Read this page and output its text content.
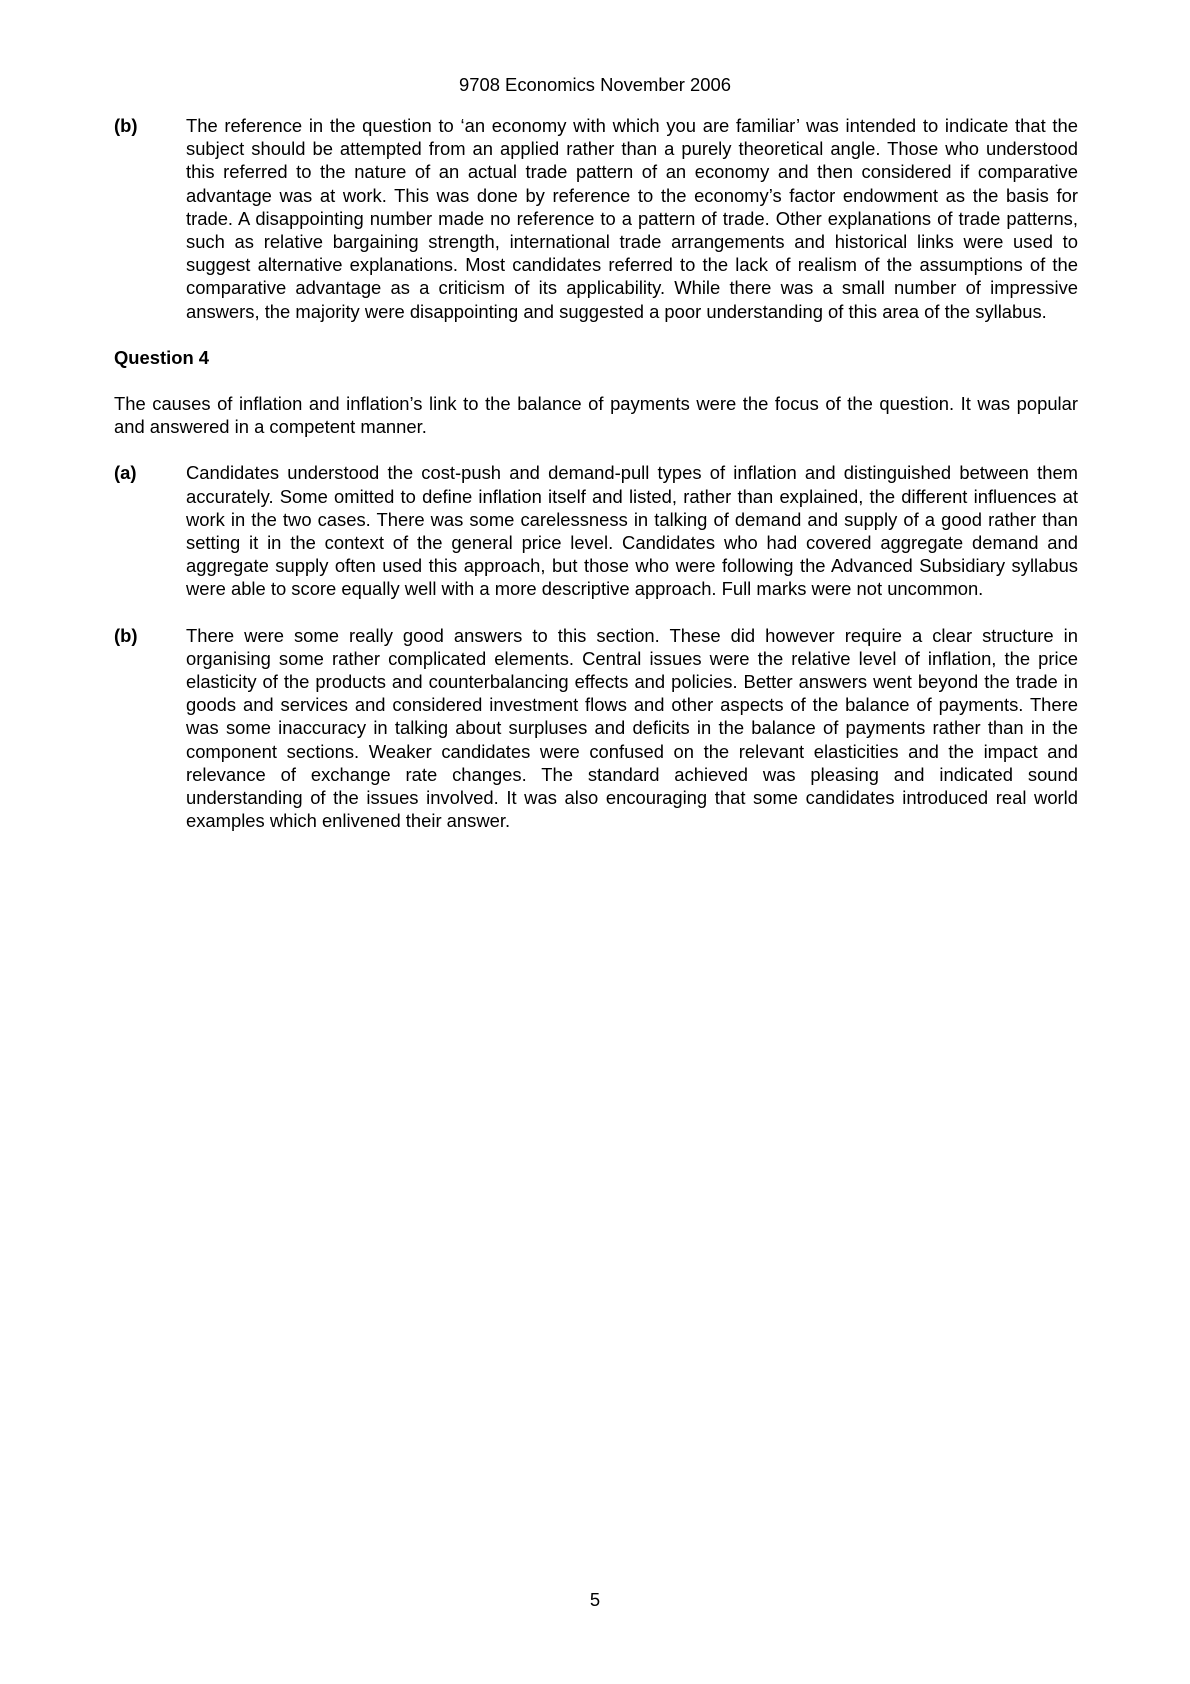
9708 Economics November 2006
(b)	The reference in the question to ‘an economy with which you are familiar’ was intended to indicate that the subject should be attempted from an applied rather than a purely theoretical angle. Those who understood this referred to the nature of an actual trade pattern of an economy and then considered if comparative advantage was at work. This was done by reference to the economy’s factor endowment as the basis for trade. A disappointing number made no reference to a pattern of trade. Other explanations of trade patterns, such as relative bargaining strength, international trade arrangements and historical links were used to suggest alternative explanations. Most candidates referred to the lack of realism of the assumptions of the comparative advantage as a criticism of its applicability. While there was a small number of impressive answers, the majority were disappointing and suggested a poor understanding of this area of the syllabus.
Question 4
The causes of inflation and inflation’s link to the balance of payments were the focus of the question. It was popular and answered in a competent manner.
(a)	Candidates understood the cost-push and demand-pull types of inflation and distinguished between them accurately. Some omitted to define inflation itself and listed, rather than explained, the different influences at work in the two cases. There was some carelessness in talking of demand and supply of a good rather than setting it in the context of the general price level. Candidates who had covered aggregate demand and aggregate supply often used this approach, but those who were following the Advanced Subsidiary syllabus were able to score equally well with a more descriptive approach. Full marks were not uncommon.
(b)	There were some really good answers to this section. These did however require a clear structure in organising some rather complicated elements. Central issues were the relative level of inflation, the price elasticity of the products and counterbalancing effects and policies. Better answers went beyond the trade in goods and services and considered investment flows and other aspects of the balance of payments. There was some inaccuracy in talking about surpluses and deficits in the balance of payments rather than in the component sections. Weaker candidates were confused on the relevant elasticities and the impact and relevance of exchange rate changes. The standard achieved was pleasing and indicated sound understanding of the issues involved. It was also encouraging that some candidates introduced real world examples which enlivened their answer.
5
